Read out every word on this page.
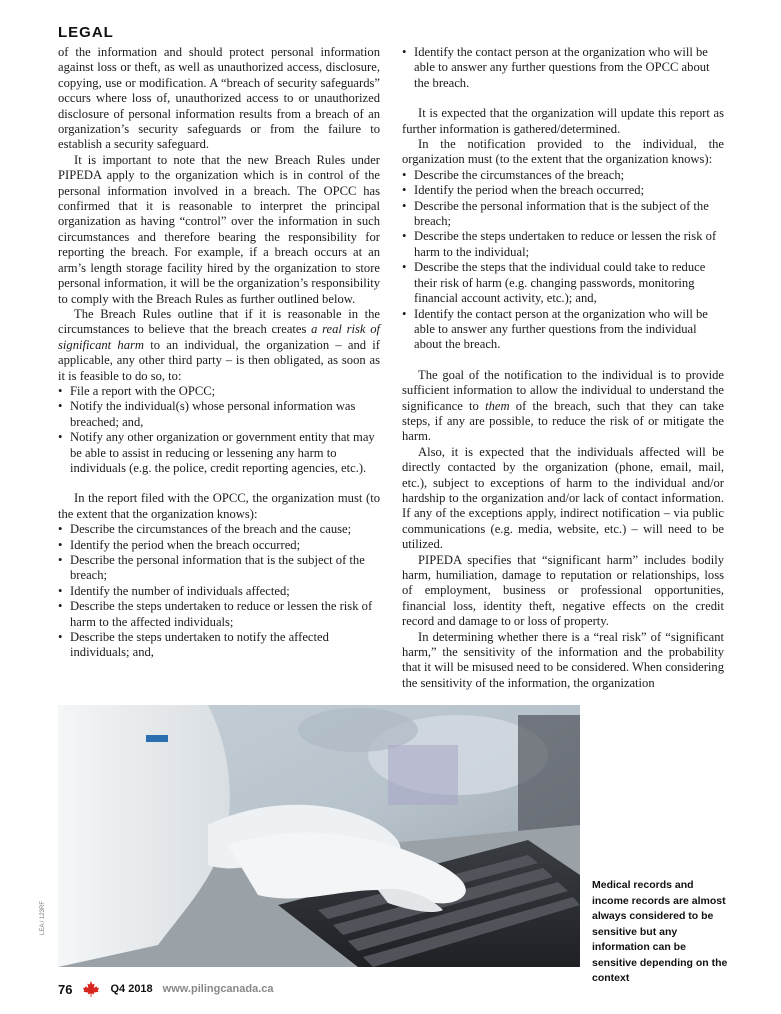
LEGAL

of the information and should protect personal information against loss or theft, as well as unauthorized access, disclosure, copying, use or modification. A “breach of security safeguards” occurs where loss of, unauthorized access to or unauthorized disclosure of personal information results from a breach of an organization’s security safeguards or from the failure to establish a security safeguard.

It is important to note that the new Breach Rules under PIPEDA apply to the organization which is in control of the personal information involved in a breach. The OPCC has confirmed that it is reasonable to interpret the principal organization as having “control” over the information in such circumstances and therefore bearing the responsibility for reporting the breach. For example, if a breach occurs at an arm’s length storage facility hired by the organization to store personal information, it will be the organization’s responsibility to comply with the Breach Rules as further outlined below.

The Breach Rules outline that if it is reasonable in the circumstances to believe that the breach creates a real risk of significant harm to an individual, the organization – and if applicable, any other third party – is then obligated, as soon as it is feasible to do so, to:

• File a report with the OPCC;
• Notify the individual(s) whose personal information was breached; and,
• Notify any other organization or government entity that may be able to assist in reducing or lessening any harm to individuals (e.g. the police, credit reporting agencies, etc.).

In the report filed with the OPCC, the organization must (to the extent that the organization knows):

• Describe the circumstances of the breach and the cause;
• Identify the period when the breach occurred;
• Describe the personal information that is the subject of the breach;
• Identify the number of individuals affected;
• Describe the steps undertaken to reduce or lessen the risk of harm to the affected individuals;
• Describe the steps undertaken to notify the affected individuals; and,
• Identify the contact person at the organization who will be able to answer any further questions from the OPCC about the breach.

It is expected that the organization will update this report as further information is gathered/determined.

In the notification provided to the individual, the organization must (to the extent that the organization knows):

• Describe the circumstances of the breach;
• Identify the period when the breach occurred;
• Describe the personal information that is the subject of the breach;
• Describe the steps undertaken to reduce or lessen the risk of harm to the individual;
• Describe the steps that the individual could take to reduce their risk of harm (e.g. changing passwords, monitoring financial account activity, etc.); and,
• Identify the contact person at the organization who will be able to answer any further questions from the individual about the breach.

The goal of the notification to the individual is to provide sufficient information to allow the individual to understand the significance to them of the breach, such that they can take steps, if any are possible, to reduce the risk of or mitigate the harm.

Also, it is expected that the individuals affected will be directly contacted by the organization (phone, email, mail, etc.), subject to exceptions of harm to the individual and/or hardship to the organization and/or lack of contact information. If any of the exceptions apply, indirect notification – via public communications (e.g. media, website, etc.) – will need to be utilized.

PIPEDA specifies that “significant harm” includes bodily harm, humiliation, damage to reputation or relationships, loss of employment, business or professional opportunities, financial loss, identity theft, negative effects on the credit record and damage to or loss of property.

In determining whether there is a “real risk” of “significant harm,” the sensitivity of the information and the probability that it will be misused need to be considered. When considering the sensitivity of the information, the organization

LEA / 123RF
Medical records and income records are almost always considered to be sensitive but any information can be sensitive depending on the context
76	Q4 2018 www.pilingcanada.ca
